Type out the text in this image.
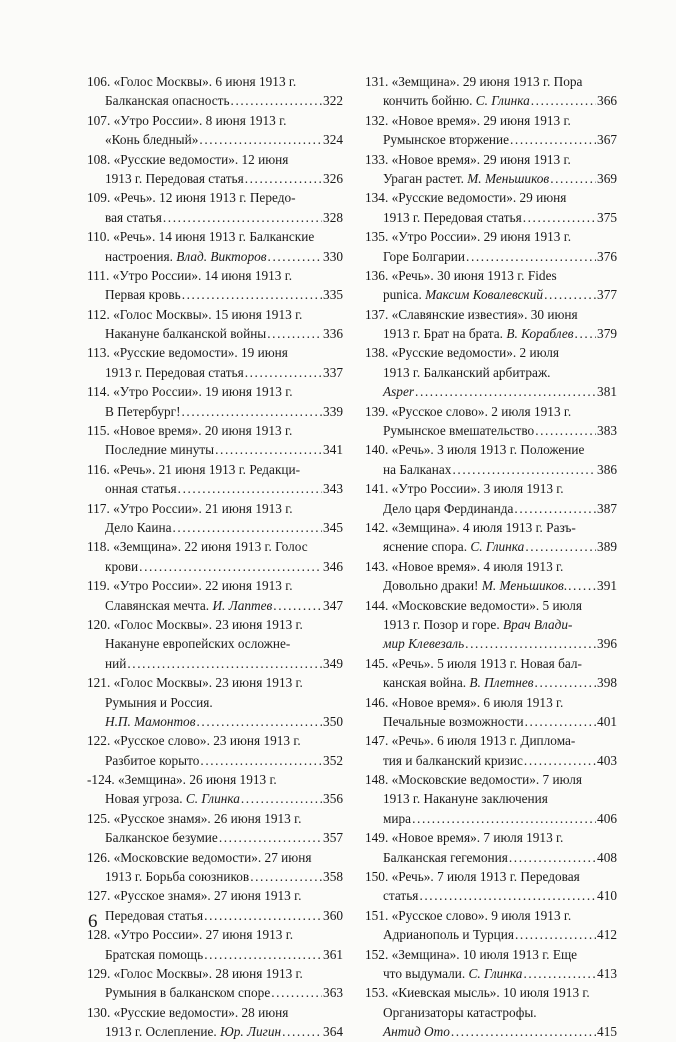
106. «Голос Москвы». 6 июня 1913 г.
Балканская опасность .....	322
107. «Утро России». 8 июня 1913 г.
«Конь бледный» .....	324
108. «Русские ведомости». 12 июня
1913 г. Передовая статья .....	326
109. «Речь». 12 июня 1913 г. Передо-
вая статья .....	328
110. «Речь». 14 июня 1913 г. Балканские
настроения. Влад. Викторов .....	330
111. «Утро России». 14 июня 1913 г.
Первая кровь .....	335
112. «Голос Москвы». 15 июня 1913 г.
Накануне балканской войны .....	336
113. «Русские ведомости». 19 июня
1913 г. Передовая статья .....	337
114. «Утро России». 19 июня 1913 г.
В Петербург! .....	339
115. «Новое время». 20 июня 1913 г.
Последние минуты .....	341
116. «Речь». 21 июня 1913 г. Редакци-
онная статья .....	343
117. «Утро России». 21 июня 1913 г.
Дело Каина .....	345
118. «Земщина». 22 июня 1913 г. Голос
крови .....	346
119. «Утро России». 22 июня 1913 г.
Славянская мечта. И. Лаптев .....	347
120. «Голос Москвы». 23 июня 1913 г.
Накануне европейских осложне-
ний .....	349
121. «Голос Москвы». 23 июня 1913 г.
Румыния и Россия.
Н.П. Мамонтов .....	350
122. «Русское слово». 23 июня 1913 г.
Разбитое корыто .....	352
-124. «Земщина». 26 июня 1913 г.
Новая угроза. С. Глинка .....	356
125. «Русское знамя». 26 июня 1913 г.
Балканское безумие .....	357
126. «Московские ведомости». 27 июня
1913 г. Борьба союзников .....	358
127. «Русское знамя». 27 июня 1913 г.
Передовая статья .....	360
128. «Утро России». 27 июня 1913 г.
Братская помощь .....	361
129. «Голос Москвы». 28 июня 1913 г.
Румыния в балканском споре .....	363
130. «Русские ведомости». 28 июня
1913 г. Ослепление. Юр. Лигин .....	364
131. «Земщина». 29 июня 1913 г. Пора
кончить бойню. С. Глинка .....	366
132. «Новое время». 29 июня 1913 г.
Румынское вторжение .....	367
133. «Новое время». 29 июня 1913 г.
Ураган растет. М. Меньшиков .....	369
134. «Русские ведомости». 29 июня
1913 г. Передовая статья .....	375
135. «Утро России». 29 июня 1913 г.
Горе Болгарии .....	376
136. «Речь». 30 июня 1913 г. Fides
punica. Максим Ковалевский .....	377
137. «Славянские известия». 30 июня
1913 г. Брат на брата. В. Кораблев ..... 379
138. «Русские ведомости». 2 июля
1913 г. Балканский арбитраж.
Asper .....	381
139. «Русское слово». 2 июля 1913 г.
Румынское вмешательство .....	383
140. «Речь». 3 июля 1913 г. Положение
на Балканах .....	386
141. «Утро России». 3 июля 1913 г.
Дело царя Фердинанда .....	387
142. «Земщина». 4 июля 1913 г. Разъ-
яснение спора. С. Глинка .....	389
143. «Новое время». 4 июля 1913 г.
Довольно драки! М. Меньшиков. ..... 391
144. «Московские ведомости». 5 июля
1913 г. Позор и горе. Врач Влади-
мир Клевезаль .....	396
145. «Речь». 5 июля 1913 г. Новая бал-
канская война. В. Плетнев .....	398
146. «Новое время». 6 июля 1913 г.
Печальные возможности .....	401
147. «Речь». 6 июля 1913 г. Диплома-
тия и балканский кризис .....	403
148. «Московские ведомости». 7 июля
1913 г. Накануне заключения
мира .....	406
149. «Новое время». 7 июля 1913 г.
Балканская гегемония .....	408
150. «Речь». 7 июля 1913 г. Передовая
статья .....	410
151. «Русское слово». 9 июля 1913 г.
Адрианополь и Турция .....	412
152. «Земщина». 10 июля 1913 г. Еще
что выдумали. С. Глинка .....	413
153. «Киевская мысль». 10 июля 1913 г.
Организаторы катастрофы.
Антид Ото .....	415
6
